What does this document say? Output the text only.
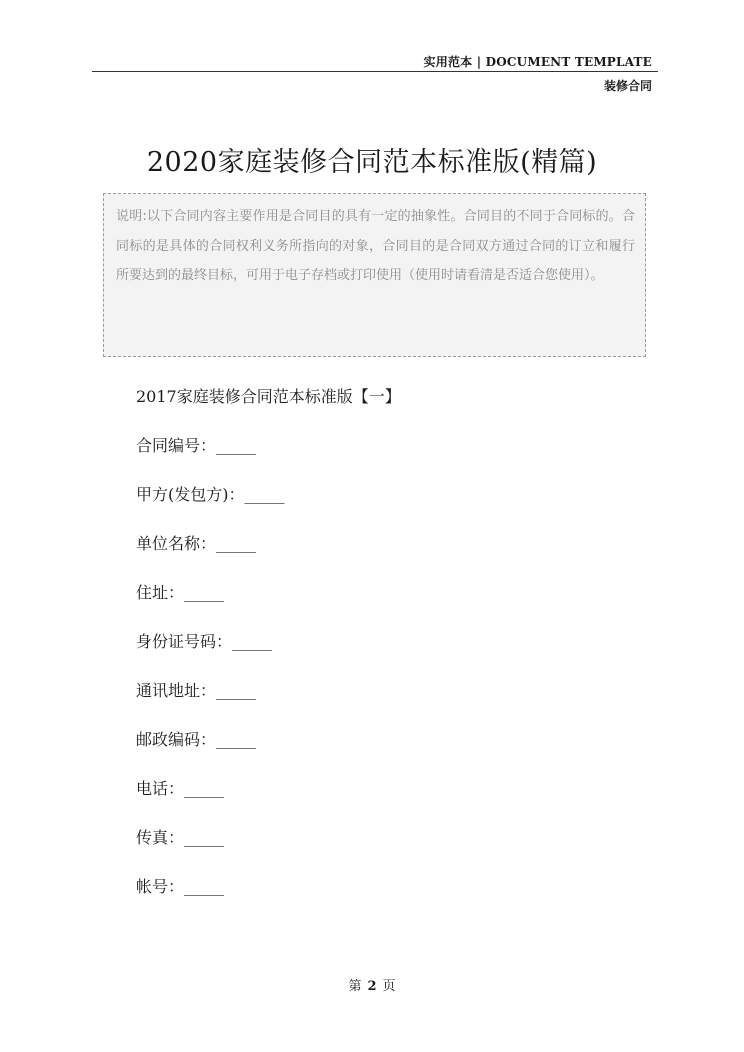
实用范本 | DOCUMENT TEMPLATE
装修合同
2020家庭装修合同范本标准版(精篇)
说明:以下合同内容主要作用是合同目的具有一定的抽象性。合同目的不同于合同标的。合同标的是具体的合同权利义务所指向的对象，合同目的是合同双方通过合同的订立和履行所要达到的最终目标，可用于电子存档或打印使用（使用时请看清是否适合您使用）。
2017家庭装修合同范本标准版【一】
合同编号：_____
甲方(发包方)：_____
单位名称：_____
住址：_____
身份证号码：_____
通讯地址：_____
邮政编码：_____
电话：_____
传真：_____
帐号：_____
第 2 页
